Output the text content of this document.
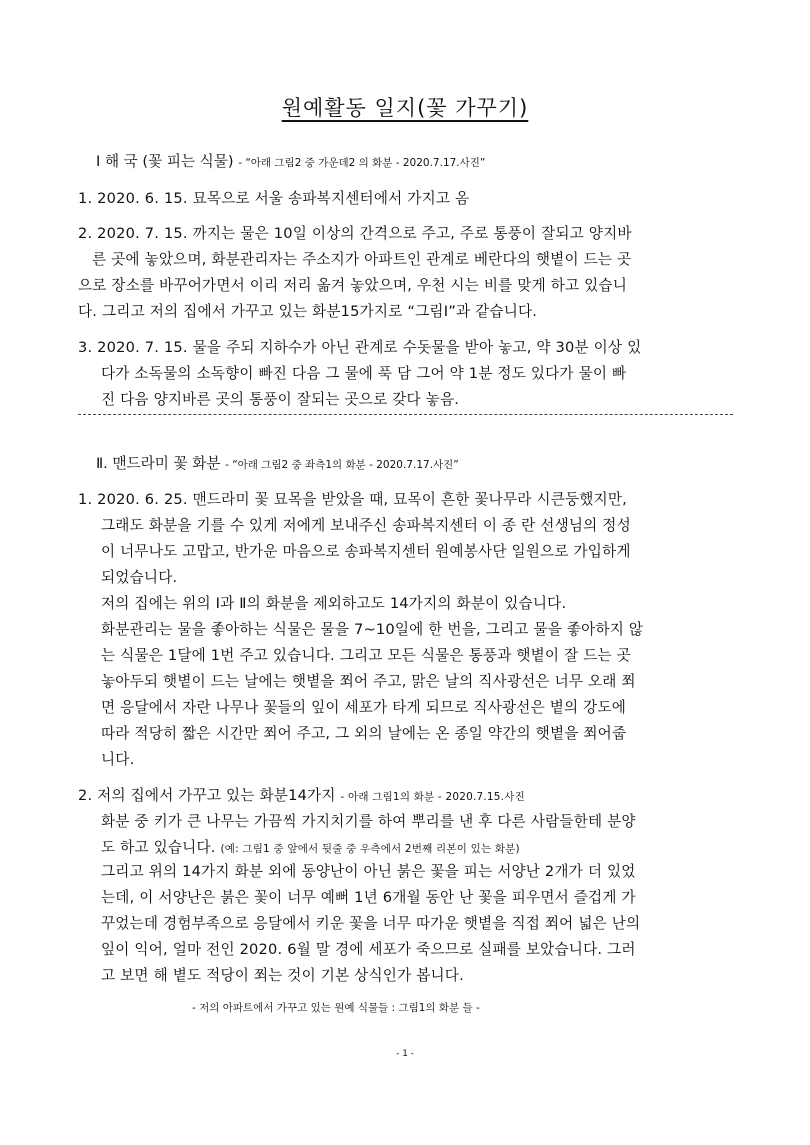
원예활동 일지(꽃 가꾸기)
Ⅰ 해 국 (꽃 피는 식물) - “아래 그림2 중 가운데2 의 화분 - 2020.7.17.사진”
1. 2020. 6. 15. 묘목으로 서울 송파복지센터에서 가지고 옴
2. 2020. 7. 15. 까지는 물은 10일 이상의 간격으로 주고, 주로 통풍이 잘되고 양지바
른 곳에 놓았으며, 화분관리자는 주소지가 아파트인 관계로 베란다의 햇볕이 드는 곳
으로 장소를 바꾸어가면서 이리 저리 옮겨 놓았으며, 우천 시는 비를 맞게 하고 있습니
다. 그리고 저의 집에서 가꾸고 있는 화분15가지로 “그림Ⅰ”과 같습니다.
3. 2020. 7. 15. 물을 주되 지하수가 아닌 관계로 수돗물을 받아 놓고, 약 30분 이상 있
다가 소독물의 소독향이 빠진 다음 그 물에 푹 담 그어 약 1분 정도 있다가 물이 빠
진 다음 양지바른 곳의 통풍이 잘되는 곳으로 갖다 놓음.
Ⅱ. 맨드라미 꽃 화분 - “아래 그림2 중 좌측1의 화분 - 2020.7.17.사진”
1. 2020. 6. 25. 맨드라미 꽃 묘목을 받았을 때, 묘목이 흔한 꽃나무라 시큰둥했지만,
그래도 화분을 기를 수 있게 저에게 보내주신 송파복지센터 이 종 란 선생님의 정성
이 너무나도 고맙고, 반가운 마음으로 송파복지센터 원예봉사단 일원으로 가입하게
되었습니다.
저의 집에는 위의 Ⅰ과 Ⅱ의 화분을 제외하고도 14가지의 화분이 있습니다.
화분관리는 물을 좋아하는 식물은 물을 7~10일에 한 번을, 그리고 물을 좋아하지 않
는 식물은 1달에 1번 주고 있습니다. 그리고 모든 식물은 통풍과 햇볕이 잘 드는 곳
놓아두되 햇볕이 드는 날에는 햇볕을 쬐어 주고, 맑은 날의 직사광선은 너무 오래 쬐
면 응달에서 자란 나무나 꽃들의 잎이 세포가 타게 되므로 직사광선은 볕의 강도에
따라 적당히 짧은 시간만 쬐어 주고, 그 외의 날에는 온 종일 약간의 햇볕을 쬐어줍
니다.
2. 저의 집에서 가꾸고 있는 화분14가지 - 아래 그림1의 화분 - 2020.7.15.사진
화분 중 키가 큰 나무는 가끔씩 가지치기를 하여 뿌리를 낸 후 다른 사람들한테 분양
도 하고 있습니다. (예: 그림1 중 앞에서 뒷줄 중 우측에서 2번째 리본이 있는 화분)
그리고 위의 14가지 화분 외에 동양난이 아닌 붉은 꽃을 피는 서양난 2개가 더 있었
는데, 이 서양난은 붉은 꽃이 너무 예뻐 1년 6개월 동안 난 꽃을 피우면서 즐겁게 가
꾸었는데 경험부족으로 응달에서 키운 꽃을 너무 따가운 햇볕을 직접 쬐어 넓은 난의
잎이 익어, 얼마 전인 2020. 6월 말 경에 세포가 죽으므로 실패를 보았습니다. 그러
고 보면 해 볕도 적당이 쬐는 것이 기본 상식인가 봅니다.
- 저의 아파트에서 가꾸고 있는 원예 식물들 : 그림1의 화분 들 -
- 1 -
